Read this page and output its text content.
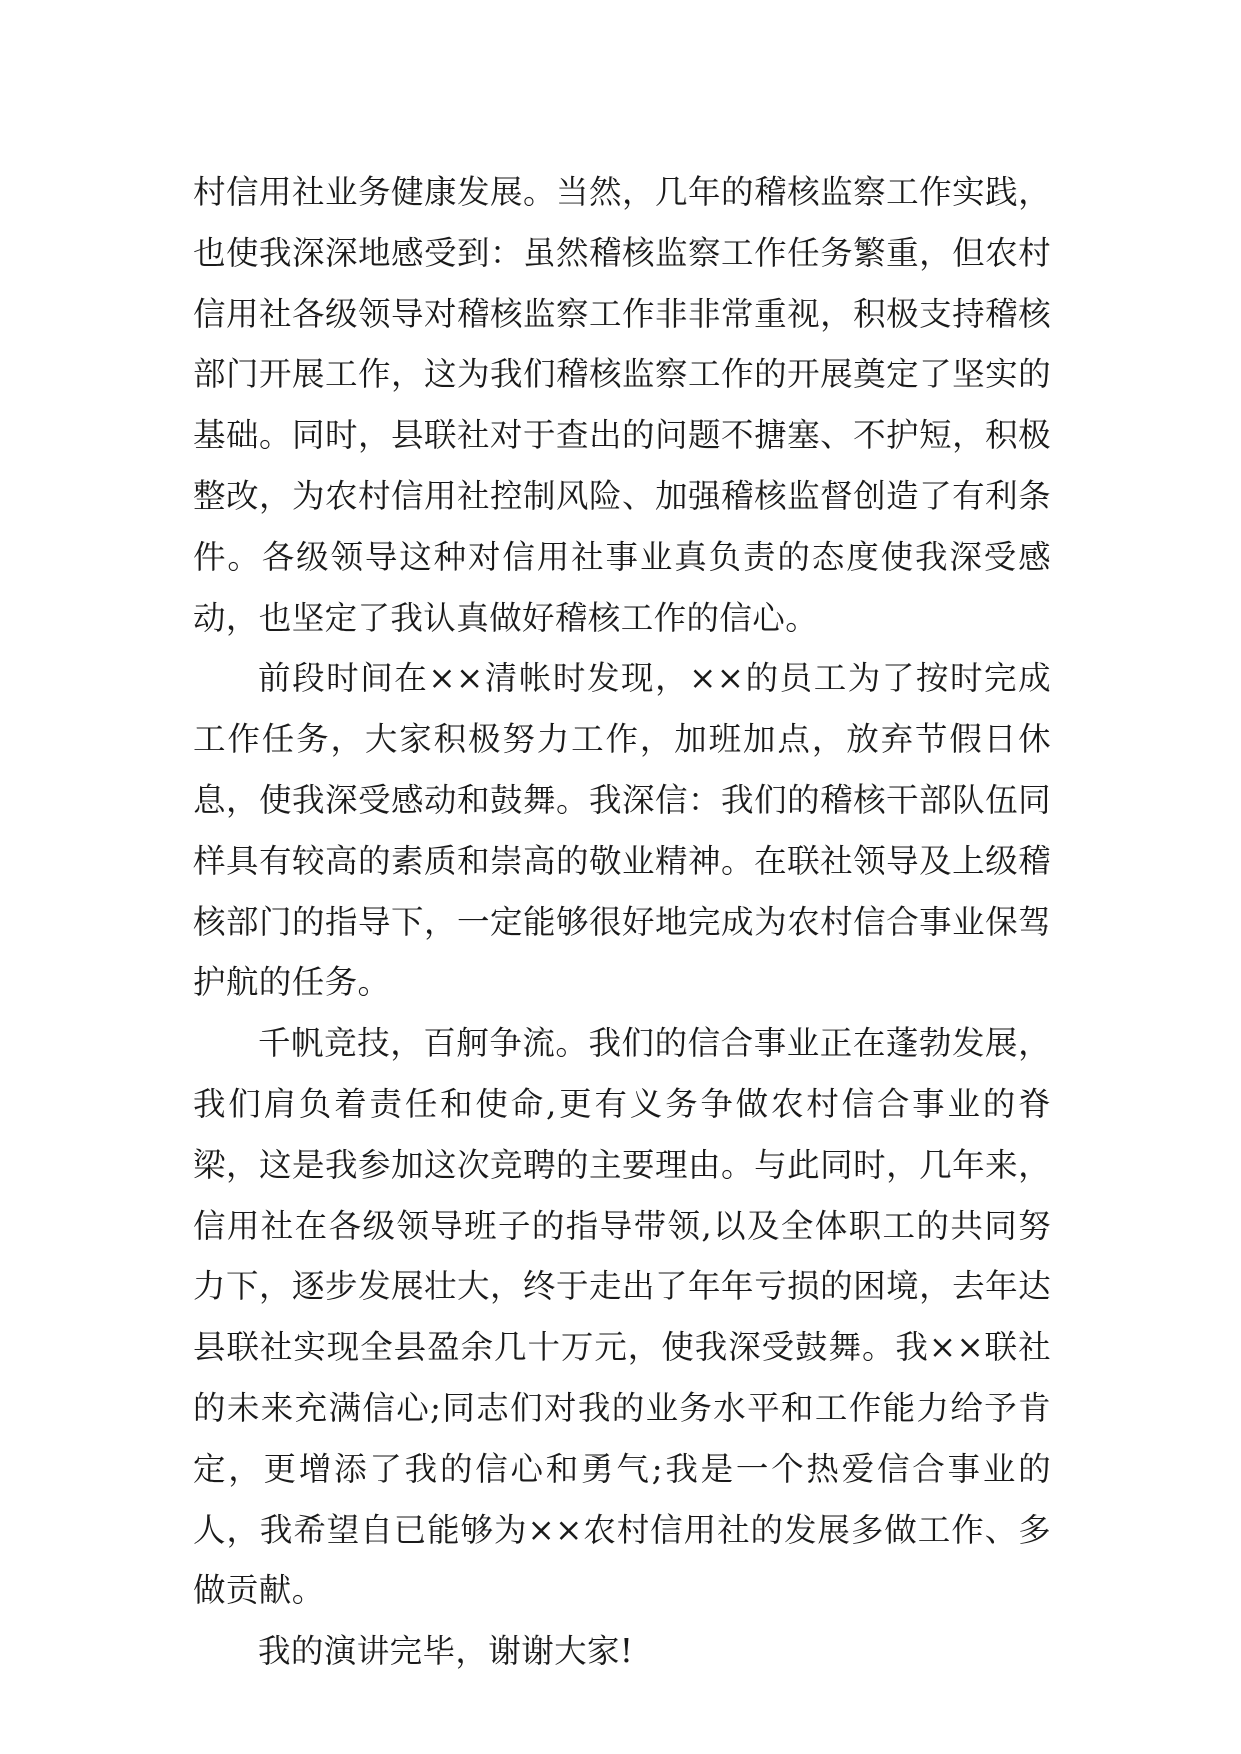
村信用社业务健康发展。当然，几年的稽核监察工作实践，也使我深深地感受到：虽然稽核监察工作任务繁重，但农村信用社各级领导对稽核监察工作非非常重视，积极支持稽核部门开展工作，这为我们稽核监察工作的开展奠定了坚实的基础。同时，县联社对于查出的问题不搪塞、不护短，积极整改，为农村信用社控制风险、加强稽核监督创造了有利条件。各级领导这种对信用社事业真负责的态度使我深受感动，也坚定了我认真做好稽核工作的信心。

前段时间在××清帐时发现，××的员工为了按时完成工作任务，大家积极努力工作，加班加点，放弃节假日休息，使我深受感动和鼓舞。我深信：我们的稽核干部队伍同样具有较高的素质和崇高的敬业精神。在联社领导及上级稽核部门的指导下，一定能够很好地完成为农村信合事业保驾护航的任务。

千帆竞技，百舸争流。我们的信合事业正在蓬勃发展，我们肩负着责任和使命,更有义务争做农村信合事业的脊梁，这是我参加这次竞聘的主要理由。与此同时，几年来，信用社在各级领导班子的指导带领,以及全体职工的共同努力下，逐步发展壮大，终于走出了年年亏损的困境，去年达县联社实现全县盈余几十万元，使我深受鼓舞。我××联社的未来充满信心;同志们对我的业务水平和工作能力给予肯定，更增添了我的信心和勇气;我是一个热爱信合事业的人，我希望自已能够为××农村信用社的发展多做工作、多做贡献。

我的演讲完毕，谢谢大家!
